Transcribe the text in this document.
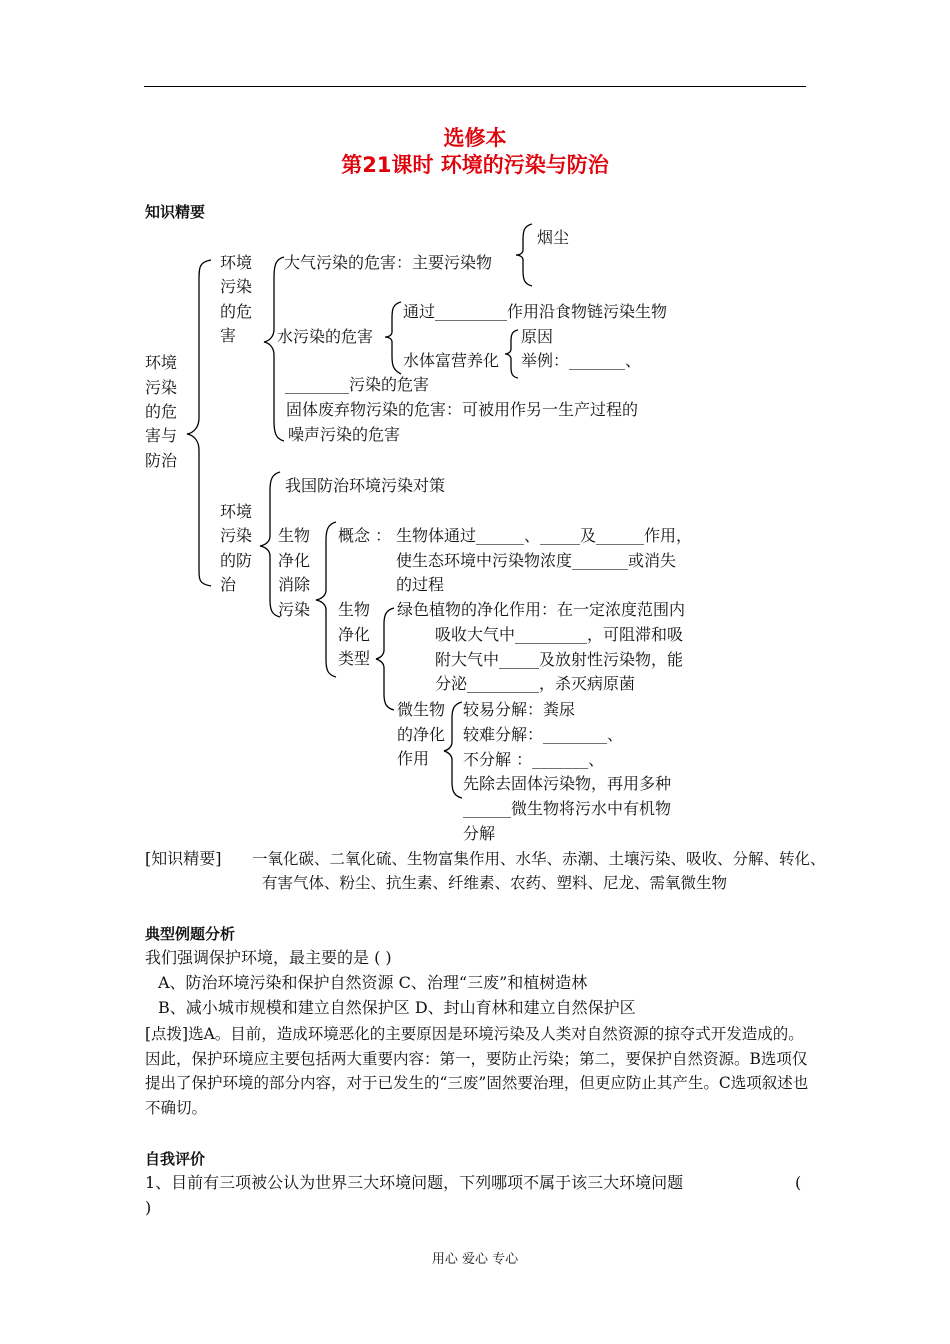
选修本
第21课时 环境的污染与防治
知识精要
环境
污染
的危
害与
防治
环境
污染
的危
害
大气污染的危害：主要污染物
烟尘
水污染的危害
通过_________作用沿食物链污染生物
水体富营养化
原因
举例：_______、
________污染的危害
固体废弃物污染的危害：可被用作另一生产过程的
噪声污染的危害
环境
污染
的防
治
我国防治环境污染对策
生物
净化
消除
污染
概念 ： 生物体通过______、_____及______作用，
使生态环境中污染物浓度_______或消失
的过程
生物
净化
类型
绿色植物的净化作用：在一定浓度范围内
吸收大气中_________，可阻滞和吸
附大气中_____及放射性污染物，能
分泌_________，杀灭病原菌
微生物
的净化
作用
较易分解：粪尿
较难分解：________、
不分解 ：_______、
先除去固体污染物，再用多种
______微生物将污水中有机物
分解
[知识精要] 一氧化碳、二氧化硫、生物富集作用、水华、赤潮、土壤污染、吸收、分解、转化、
有害气体、粉尘、抗生素、纤维素、农药、塑料、尼龙、需氧微生物
典型例题分析
我们强调保护环境，最主要的是 ( )
A、防治环境污染和保护自然资源 C、治理“三废”和植树造林
B、减小城市规模和建立自然保护区 D、封山育林和建立自然保护区
[点拨]选A。目前，造成环境恶化的主要原因是环境污染及人类对自然资源的掠夺式开发造成的。因此，保护环境应主要包括两大重要内容：第一，要防止污染；第二，要保护自然资源。B选项仅提出了保护环境的部分内容，对于已发生的“三废”固然要治理，但更应防止其产生。C选项叙述也不确切。
自我评价
1、目前有三项被公认为世界三大环境问题，下列哪项不属于该三大环境问题	(
)
用心 爱心 专心
